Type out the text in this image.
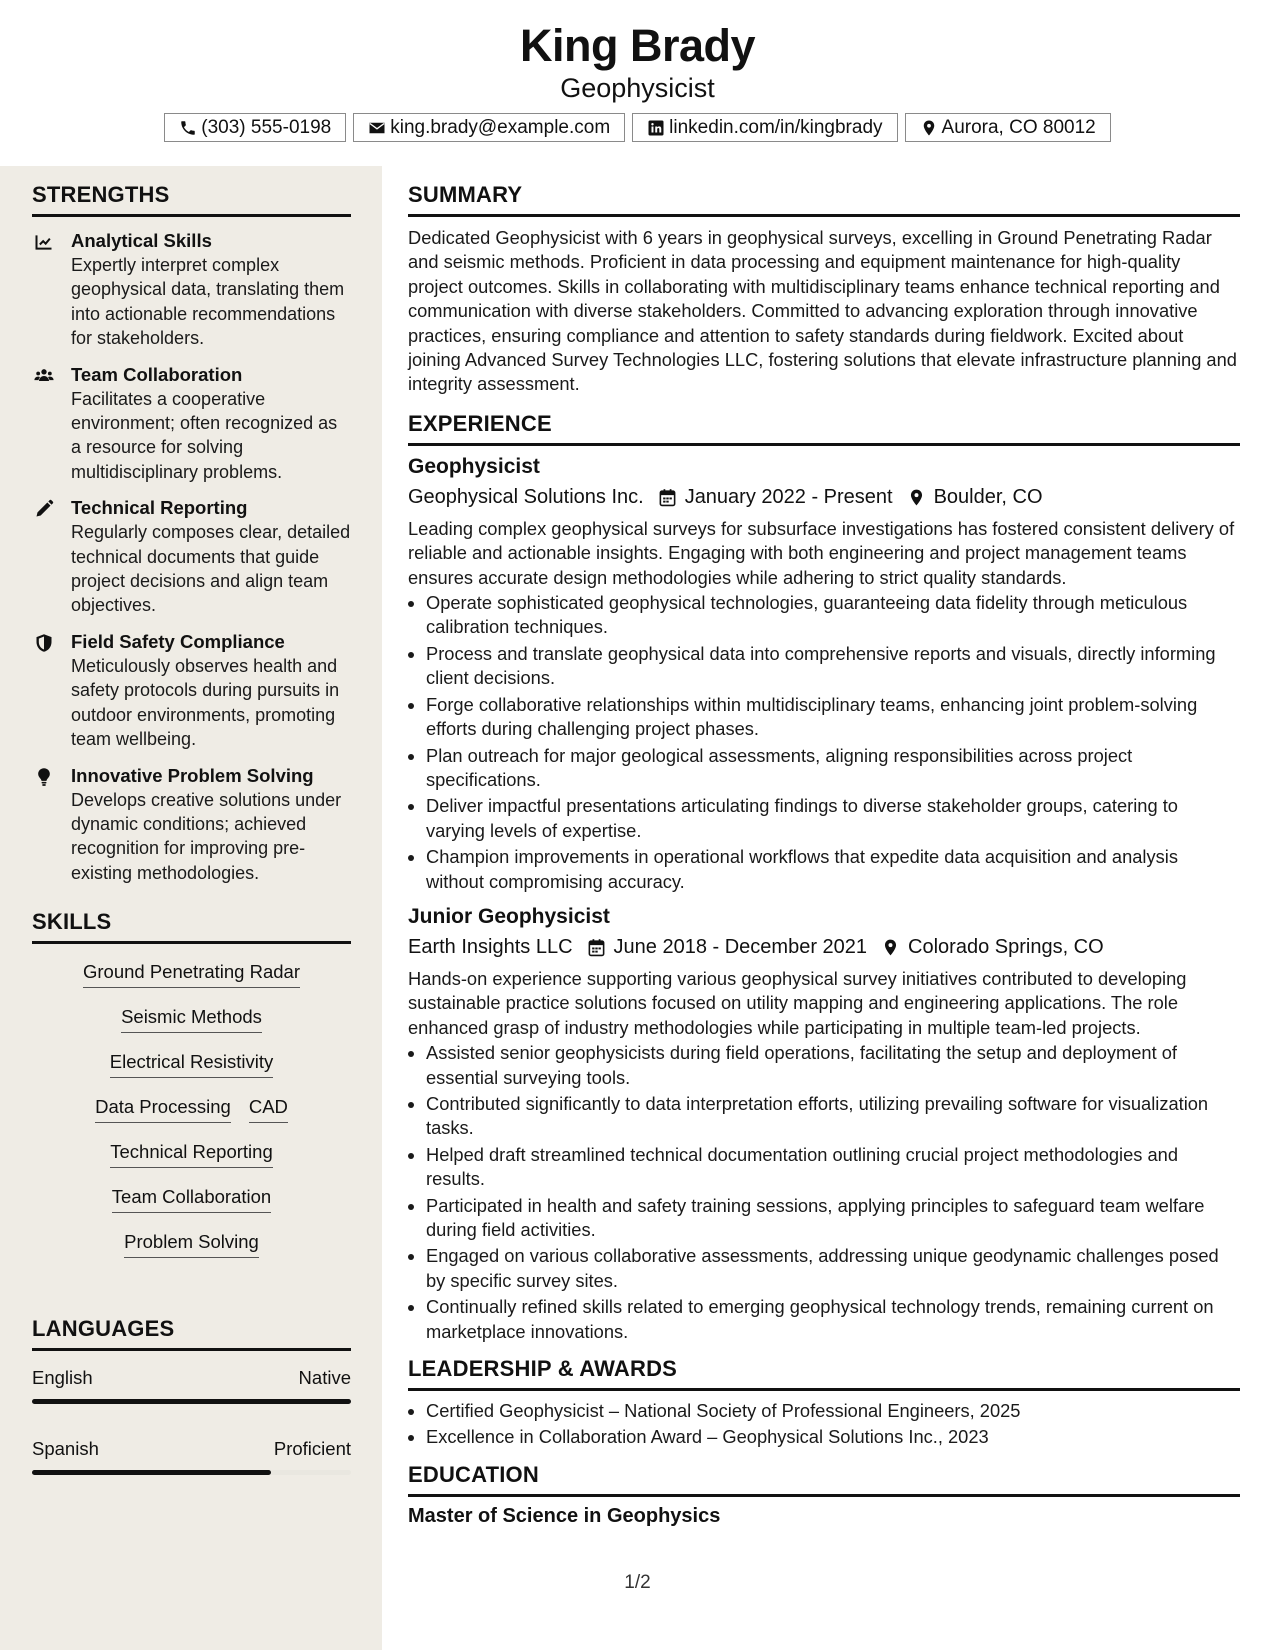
King Brady
Geophysicist
(303) 555-0198	king.brady@example.com	linkedin.com/in/kingbrady	Aurora, CO 80012
STRENGTHS
Analytical Skills
Expertly interpret complex geophysical data, translating them into actionable recommendations for stakeholders.
Team Collaboration
Facilitates a cooperative environment; often recognized as a resource for solving multidisciplinary problems.
Technical Reporting
Regularly composes clear, detailed technical documents that guide project decisions and align team objectives.
Field Safety Compliance
Meticulously observes health and safety protocols during pursuits in outdoor environments, promoting team wellbeing.
Innovative Problem Solving
Develops creative solutions under dynamic conditions; achieved recognition for improving pre-existing methodologies.
SKILLS
Ground Penetrating Radar
Seismic Methods
Electrical Resistivity
Data Processing CAD
Technical Reporting
Team Collaboration
Problem Solving
LANGUAGES
English	Native
Spanish	Proficient
SUMMARY
Dedicated Geophysicist with 6 years in geophysical surveys, excelling in Ground Penetrating Radar and seismic methods. Proficient in data processing and equipment maintenance for high-quality project outcomes. Skills in collaborating with multidisciplinary teams enhance technical reporting and communication with diverse stakeholders. Committed to advancing exploration through innovative practices, ensuring compliance and attention to safety standards during fieldwork. Excited about joining Advanced Survey Technologies LLC, fostering solutions that elevate infrastructure planning and integrity assessment.
EXPERIENCE
Geophysicist
Geophysical Solutions Inc. January 2022 - Present Boulder, CO
Leading complex geophysical surveys for subsurface investigations has fostered consistent delivery of reliable and actionable insights. Engaging with both engineering and project management teams ensures accurate design methodologies while adhering to strict quality standards.
• Operate sophisticated geophysical technologies, guaranteeing data fidelity through meticulous calibration techniques.
• Process and translate geophysical data into comprehensive reports and visuals, directly informing client decisions.
• Forge collaborative relationships within multidisciplinary teams, enhancing joint problem-solving efforts during challenging project phases.
• Plan outreach for major geological assessments, aligning responsibilities across project specifications.
• Deliver impactful presentations articulating findings to diverse stakeholder groups, catering to varying levels of expertise.
• Champion improvements in operational workflows that expedite data acquisition and analysis without compromising accuracy.
Junior Geophysicist
Earth Insights LLC June 2018 - December 2021 Colorado Springs, CO
Hands-on experience supporting various geophysical survey initiatives contributed to developing sustainable practice solutions focused on utility mapping and engineering applications. The role enhanced grasp of industry methodologies while participating in multiple team-led projects.
• Assisted senior geophysicists during field operations, facilitating the setup and deployment of essential surveying tools.
• Contributed significantly to data interpretation efforts, utilizing prevailing software for visualization tasks.
• Helped draft streamlined technical documentation outlining crucial project methodologies and results.
• Participated in health and safety training sessions, applying principles to safeguard team welfare during field activities.
• Engaged on various collaborative assessments, addressing unique geodynamic challenges posed by specific survey sites.
• Continually refined skills related to emerging geophysical technology trends, remaining current on marketplace innovations.
LEADERSHIP & AWARDS
• Certified Geophysicist – National Society of Professional Engineers, 2025
• Excellence in Collaboration Award – Geophysical Solutions Inc., 2023
EDUCATION
Master of Science in Geophysics
1/2
